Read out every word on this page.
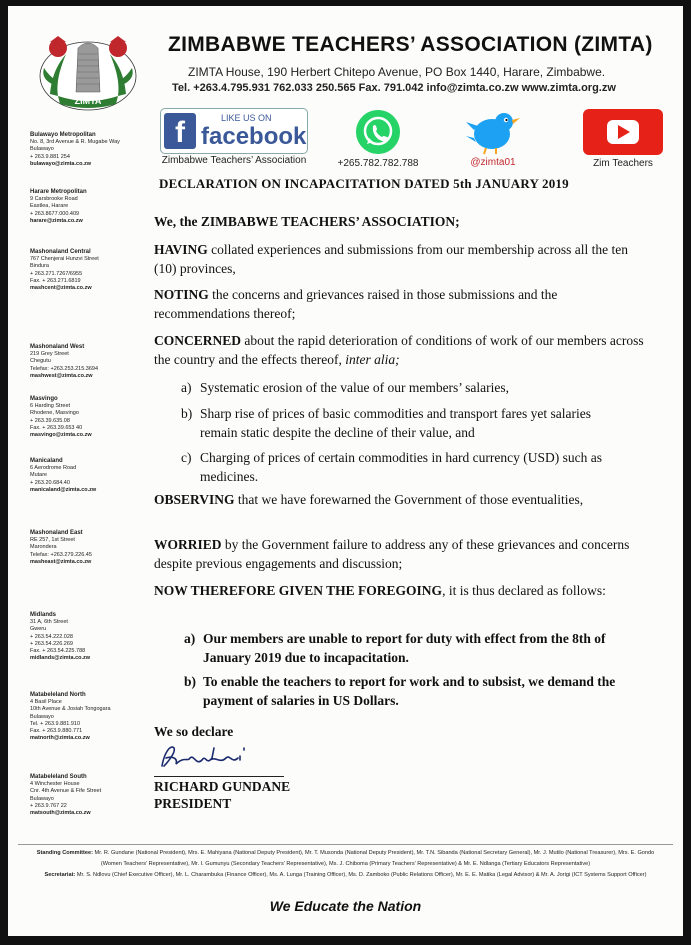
ZIMTA
ZIMBABWE TEACHERS’ ASSOCIATION (ZIMTA)
ZIMTA House, 190 Herbert Chitepo Avenue, PO Box 1440, Harare, Zimbabwe.
Tel. +263.4.795.931 762.033 250.565 Fax. 791.042 info@zimta.co.zw www.zimta.org.zw
f	LIKE US ON
facebook
Zimbabwe Teachers’ Association	+265.782.782.788	@zimta01	Zim Teachers
Bulawayo Metropolitan
No. 8, 3rd Avenue & R. Mugabe Way
Bulawayo
+ 263.9.881 254
bulawayo@zimta.co.zw
Harare Metropolitan
9 Carsbrooke Road
Eastlea, Harare
+ 263.8677.000.409
harare@zimta.co.zw
Mashonaland Central
767 Chenjerai Hunzvi Street
Bindura
+ 263.271.7267/6955
Fax. + 263.271.6819
mashcent@zimta.co.zw
Mashonaland West
219 Grey Street
Chegutu
Telefax: +263.253.215.3694
mashwest@zimta.co.zw
Masvingo
6 Harding Street
Rhodene, Masvingo
+ 263.39.635.08
Fax. + 263.39.653 40
masvingo@zimta.co.zw
Manicaland
6 Aerodrome Road
Mutare
+ 263.20.684.40
manicaland@zimta.co.zw
Mashonaland East
RE 257, 1st Street
Marondera
Telefax: +263.279.226.45
masheast@zimta.co.zw
Midlands
31 A, 6th Street
Gweru
+ 263.54.222.028
+ 263.54.226.269
Fax. + 263.54.225.788
midlands@zimta.co.zw
Matabeleland North
4 Basil Place
10th Avenue & Josiah Tongogara
Bulawayo
Tel. + 263.9.881.910
Fax. + 263.9.880.771
matnorth@zimta.co.zw
Matabeleland South
4 Winchester House
Cnr. 4th Avenue & Fife Street
Bulawayo
+ 263.9.767 22
matsouth@zimta.co.zw
DECLARATION ON INCAPACITATION DATED 5th JANUARY 2019
We, the ZIMBABWE TEACHERS’ ASSOCIATION;
HAVING collated experiences and submissions from our membership across all the ten (10) provinces,
NOTING the concerns and grievances raised in those submissions and the recommendations thereof;
CONCERNED about the rapid deterioration of conditions of work of our members across the country and the effects thereof, inter alia;
a) Systematic erosion of the value of our members’ salaries,
b) Sharp rise of prices of basic commodities and transport fares yet salaries remain static despite the decline of their value, and
c) Charging of prices of certain commodities in hard currency (USD) such as medicines.
OBSERVING that we have forewarned the Government of those eventualities,
WORRIED by the Government failure to address any of these grievances and concerns despite previous engagements and discussion;
NOW THEREFORE GIVEN THE FOREGOING, it is thus declared as follows:
a) Our members are unable to report for duty with effect from the 8th of January 2019 due to incapacitation.
b) To enable the teachers to report for work and to subsist, we demand the payment of salaries in US Dollars.
We so declare
RICHARD GUNDANE
PRESIDENT
Standing Committee: Mr. R. Gundane (National President), Mrs. E. Mahiyana (National Deputy President), Mr. T. Musonda (National Deputy President), Mr. T.N. Sibanda (National Secretary General), Mr. J. Mutilo (National Treasurer), Mrs. E. Gondo (Women Teachers’ Representative), Mr. I. Gumunyu (Secondary Teachers’ Representative), Ms. J. Chiboma (Primary Teachers’ Representative) & Mr. E. Ndlanga (Tertiary Educators Representative)
Secretariat: Mr. S. Ndlovu (Chief Executive Officer), Mr. L. Charambuka (Finance Officer), Ms. A. Lunga (Training Officer), Ms. D. Zamboko (Public Relations Officer), Mr. E. E. Matika (Legal Advisor) & Mr. A. Jorigi (ICT Systems Support Officer)
We Educate the Nation
